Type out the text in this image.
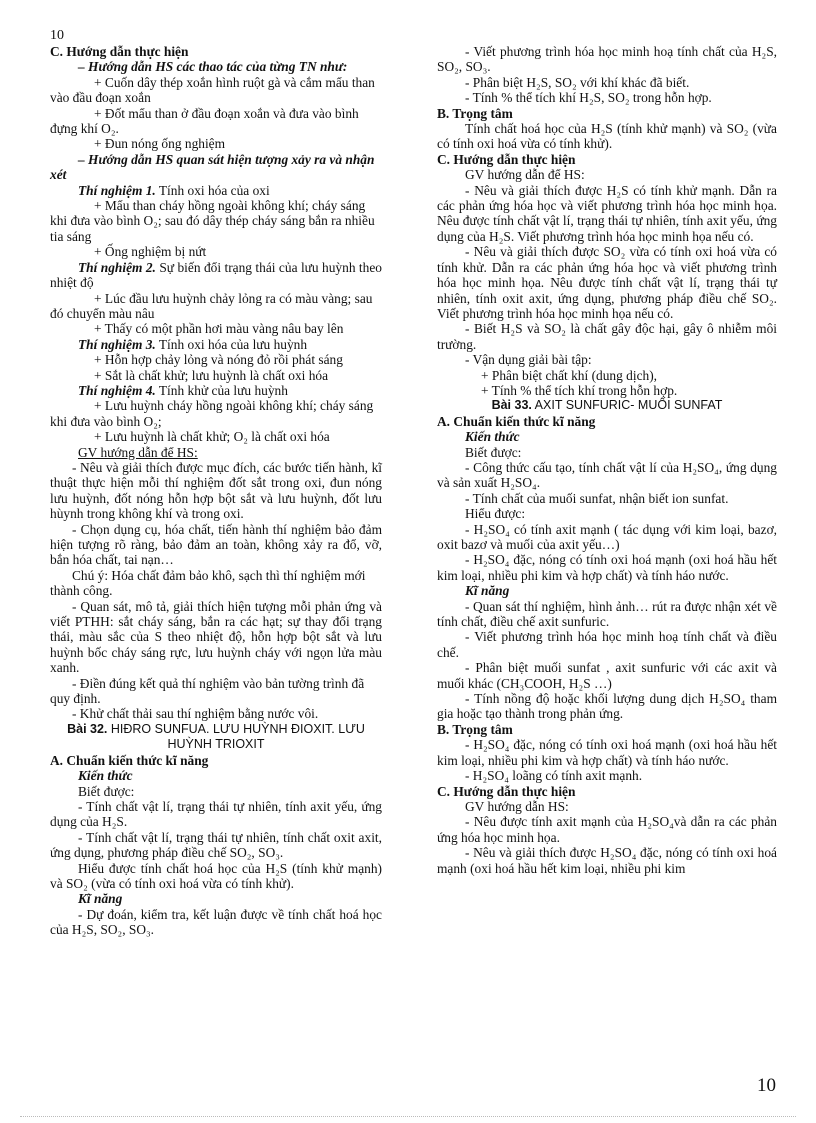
10

C. Hướng dẫn thực hiện

– Hướng dẫn HS các thao tác của từng TN như:

+ Cuốn dây thép xoắn hình ruột gà và cắm mẩu than vào đầu đoạn xoắn

+ Đốt mẩu than ở đầu đoạn xoắn và đưa vào bình đựng khí O₂.

+ Đun nóng ống nghiệm

– Hướng dẫn HS quan sát hiện tượng xảy ra và nhận xét

Thí nghiệm 1. Tính oxi hóa của oxi

+ Mẩu than cháy hồng ngoài không khí; cháy sáng khi đưa vào bình O₂; sau đó dây thép cháy sáng bắn ra nhiều tia sáng

+ Ống nghiệm bị nứt

Thí nghiệm 2. Sự biến đổi trạng thái của lưu huỳnh theo nhiệt độ

+ Lúc đầu lưu huỳnh chảy lỏng ra có màu vàng; sau đó chuyển màu nâu

+ Thấy có một phần hơi màu vàng nâu bay lên

Thí nghiệm 3. Tính oxi hóa của lưu huỳnh

+ Hỗn hợp chảy lỏng và nóng đỏ rồi phát sáng

+ Sắt là chất khử; lưu huỳnh là chất oxi hóa

Thí nghiệm 4. Tính khử của lưu huỳnh

+ Lưu huỳnh cháy hồng ngoài không khí; cháy sáng khi đưa vào bình O₂;

+ Lưu huỳnh là chất khử; O₂ là chất oxi hóa

GV hướng dẫn để HS:

- Nêu và giải thích được mục đích, các bước tiến hành, kĩ thuật thực hiện mỗi thí nghiệm đốt sắt trong oxi, đun nóng lưu huỳnh, đốt nóng hỗn hợp bột sắt và lưu huỳnh, đốt lưu hùynh trong không khí và trong oxi.

- Chọn dụng cụ, hóa chất, tiến hành thí nghiệm bảo đảm hiện tượng rõ ràng, bảo đảm an toàn, không xảy ra đổ, vỡ, bắn hóa chất, tai nạn…

Chú ý: Hóa chất đảm bảo khô, sạch thì thí nghiệm mới thành công.

- Quan sát, mô tả, giải thích hiện tượng mỗi phản ứng và viết PTHH: sắt cháy sáng, bắn ra các hạt; sự thay đổi trạng thái, màu sắc của S theo nhiệt độ, hỗn hợp bột sắt và lưu huỳnh bốc cháy sáng rực, lưu huỳnh cháy với ngọn lửa màu xanh.

- Điền đúng kết quả thí nghiệm vào bản tường trình đã quy định.

- Khử chất thải sau thí nghiệm bằng nước vôi.

Bài 32. HIĐRO SUNFUA. LƯU HUỲNH ĐIOXIT. LƯU HUỲNH TRIOXIT

A. Chuẩn kiến thức kĩ năng

Kiến thức

Biết được:

- Tính chất vật lí, trạng thái tự nhiên, tính axit yếu, ứng dụng của H₂S.

- Tính chất vật lí, trạng thái tự nhiên, tính chất oxit axit, ứng dụng, phương pháp điều chế SO₂, SO₃.

Hiểu được tính chất hoá học của H₂S (tính khử mạnh) và SO₂ (vừa có tính oxi hoá vừa có tính khử).

Kĩ năng

- Dự đoán, kiểm tra, kết luận được về tính chất hoá học của H₂S, SO₂, SO₃.

- Viết phương trình hóa học minh hoạ tính chất của H₂S, SO₂, SO₃.

- Phân biệt H₂S, SO₂ với khí khác đã biết.

- Tính % thể tích khí H₂S, SO₂ trong hỗn hợp.

B. Trọng tâm

Tính chất hoá học của H₂S (tính khử mạnh) và SO₂ (vừa có tính oxi hoá vừa có tính khử).

C. Hướng dẫn thực hiện

GV hướng dẫn để HS:

- Nêu và giải thích được H₂S có tính khử mạnh. Dẫn ra các phản ứng hóa học và viết phương trình hóa học minh họa. Nêu được tính chất vật lí, trạng thái tự nhiên, tính axit yếu, ứng dụng của H₂S. Viết phương trình hóa học minh họa nếu có.

- Nêu và giải thích được SO₂ vừa có tính oxi hoá vừa có tính khử. Dẫn ra các phản ứng hóa học và viết phương trình hóa học minh họa. Nêu được tính chất vật lí, trạng thái tự nhiên, tính oxit axit, ứng dụng, phương pháp điều chế SO₂. Viết phương trình hóa học minh họa nếu có.

- Biết H₂S và SO₂ là chất gây độc hại, gây ô nhiễm môi trường.

- Vận dụng giải bài tập:

+ Phân biệt chất khí (dung dịch),

+ Tính % thể tích khí trong hỗn hợp.

Bài 33. AXIT SUNFURIC- MUỐI SUNFAT

A. Chuẩn kiến thức kĩ năng

Kiến thức

Biết được:

- Công thức cấu tạo, tính chất vật lí của H₂SO₄, ứng dụng và sản xuất H₂SO₄.

- Tính chất của muối sunfat, nhận biết ion sunfat.

Hiểu được:

- H₂SO₄ có tính axit mạnh ( tác dụng với kim loại, bazơ, oxit bazơ và muối của axit yếu…)

- H₂SO₄ đặc, nóng có tính oxi hoá mạnh (oxi hoá hầu hết kim loại, nhiều phi kim và hợp chất) và tính háo nước.

Kĩ năng

- Quan sát thí nghiệm, hình ảnh… rút ra được nhận xét về tính chất, điều chế axit sunfuric.

- Viết phương trình hóa học minh hoạ tính chất và điều chế.

- Phân biệt muối sunfat , axit sunfuric với các axit và muối khác (CH₃COOH, H₂S …)

- Tính nồng độ hoặc khối lượng dung dịch H₂SO₄ tham gia hoặc tạo thành trong phản ứng.

B. Trọng tâm

- H₂SO₄ đặc, nóng có tính oxi hoá mạnh (oxi hoá hầu hết kim loại, nhiều phi kim và hợp chất) và tính háo nước.

- H₂SO₄ loãng có tính axit mạnh.

C. Hướng dẫn thực hiện

GV hướng dẫn HS:

- Nêu được tính axit mạnh của H₂SO₄và dẫn ra các phản ứng hóa học minh họa.

- Nêu và giải thích được H₂SO₄ đặc, nóng có tính oxi hoá mạnh (oxi hoá hầu hết kim loại, nhiều phi kim

10
